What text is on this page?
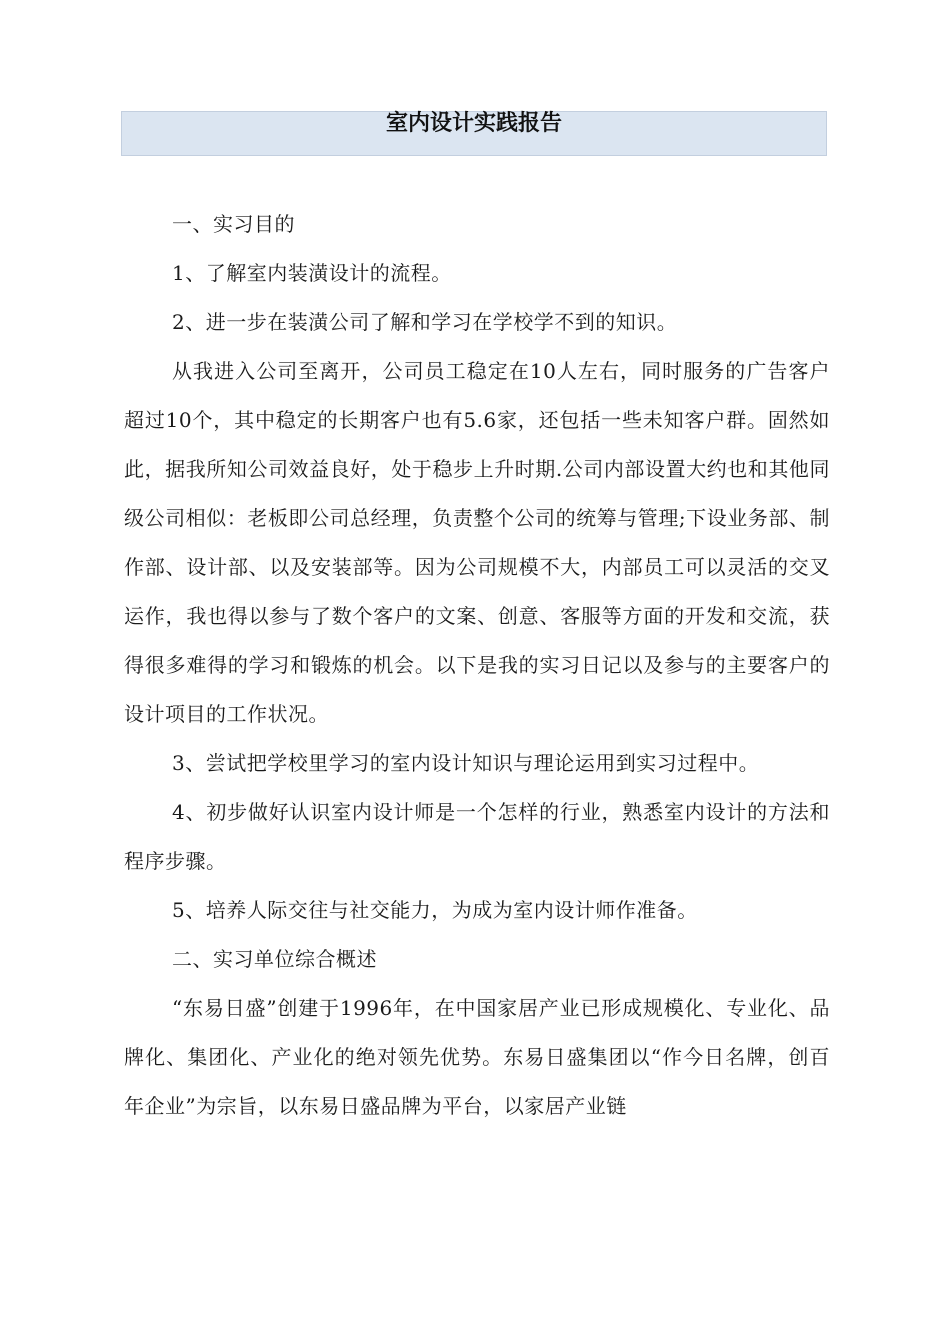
室内设计实践报告

一、实习目的

1、了解室内装潢设计的流程。

2、进一步在装潢公司了解和学习在学校学不到的知识。

从我进入公司至离开，公司员工稳定在10人左右，同时服务的广告客户超过10个，其中稳定的长期客户也有5.6家，还包括一些未知客户群。固然如此，据我所知公司效益良好，处于稳步上升时期.公司内部设置大约也和其他同级公司相似：老板即公司总经理，负责整个公司的统筹与管理;下设业务部、制作部、设计部、以及安装部等。因为公司规模不大，内部员工可以灵活的交叉运作，我也得以参与了数个客户的文案、创意、客服等方面的开发和交流，获得很多难得的学习和锻炼的机会。以下是我的实习日记以及参与的主要客户的设计项目的工作状况。

3、尝试把学校里学习的室内设计知识与理论运用到实习过程中。

4、初步做好认识室内设计师是一个怎样的行业，熟悉室内设计的方法和程序步骤。

5、培养人际交往与社交能力，为成为室内设计师作准备。

二、实习单位综合概述

“东易日盛”创建于1996年，在中国家居产业已形成规模化、专业化、品牌化、集团化、产业化的绝对领先优势。东易日盛集团以“作今日名牌，创百年企业”为宗旨，以东易日盛品牌为平台，以家居产业链
